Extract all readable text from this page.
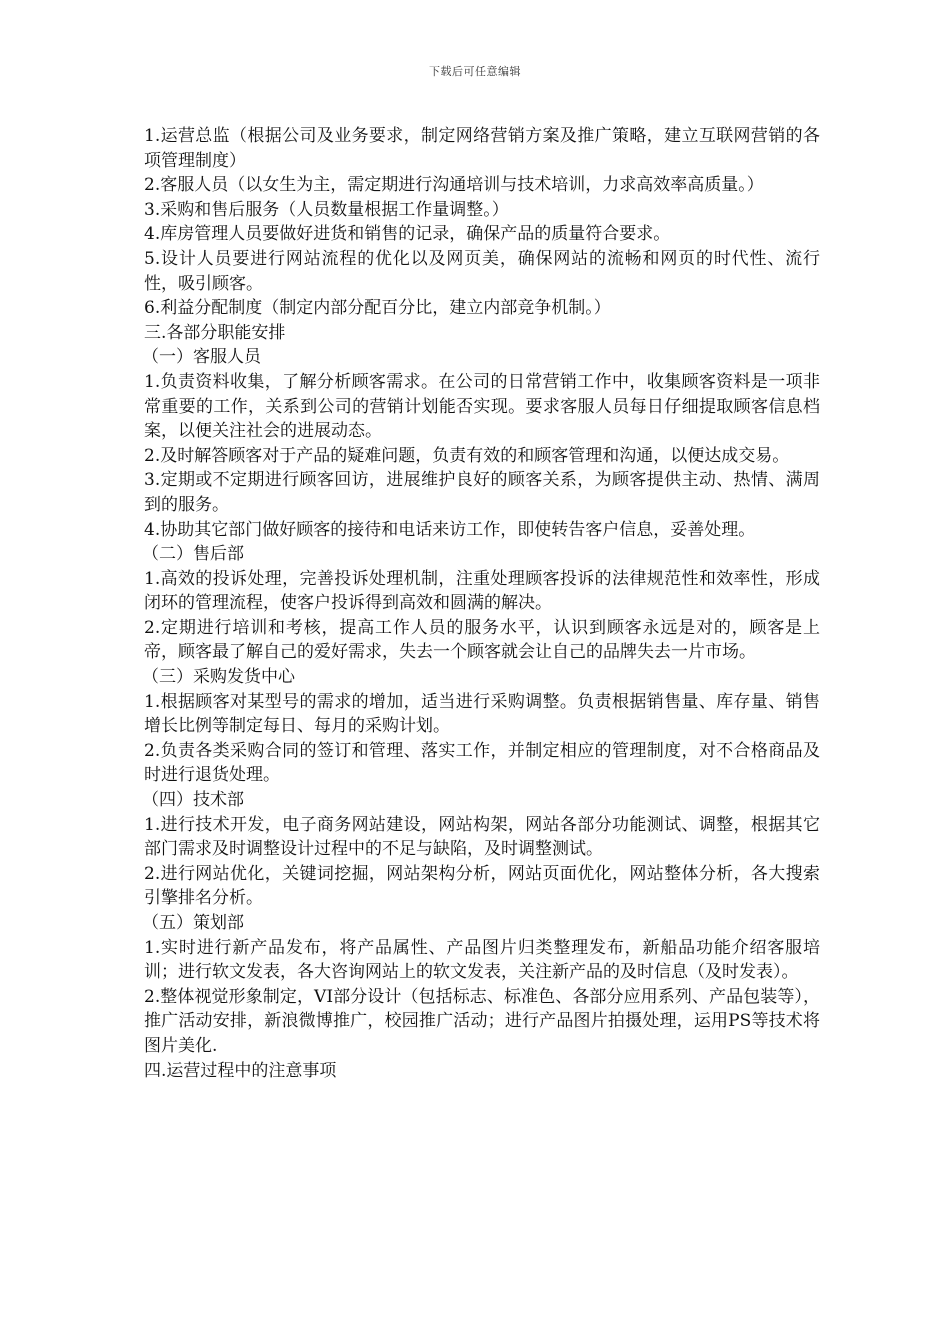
下载后可任意编辑

1.运营总监（根据公司及业务要求，制定网络营销方案及推广策略，建立互联网营销的各项管理制度）

2.客服人员（以女生为主，需定期进行沟通培训与技术培训，力求高效率高质量。）

3.采购和售后服务（人员数量根据工作量调整。）

4.库房管理人员要做好进货和销售的记录，确保产品的质量符合要求。

5.设计人员要进行网站流程的优化以及网页美，确保网站的流畅和网页的时代性、流行性，吸引顾客。

6.利益分配制度（制定内部分配百分比，建立内部竞争机制。）

三.各部分职能安排

（一）客服人员

1.负责资料收集，了解分析顾客需求。在公司的日常营销工作中，收集顾客资料是一项非常重要的工作，关系到公司的营销计划能否实现。要求客服人员每日仔细提取顾客信息档案，以便关注社会的进展动态。

2.及时解答顾客对于产品的疑难问题，负责有效的和顾客管理和沟通，以便达成交易。

3.定期或不定期进行顾客回访，进展维护良好的顾客关系，为顾客提供主动、热情、满周到的服务。

4.协助其它部门做好顾客的接待和电话来访工作，即使转告客户信息，妥善处理。

（二）售后部

1.高效的投诉处理，完善投诉处理机制，注重处理顾客投诉的法律规范性和效率性，形成闭环的管理流程，使客户投诉得到高效和圆满的解决。

2.定期进行培训和考核，提高工作人员的服务水平，认识到顾客永远是对的，顾客是上帝，顾客最了解自己的爱好需求，失去一个顾客就会让自己的品牌失去一片市场。

（三）采购发货中心

1.根据顾客对某型号的需求的增加，适当进行采购调整。负责根据销售量、库存量、销售增长比例等制定每日、每月的采购计划。

2.负责各类采购合同的签订和管理、落实工作，并制定相应的管理制度，对不合格商品及时进行退货处理。

（四）技术部

1.进行技术开发，电子商务网站建设，网站构架，网站各部分功能测试、调整，根据其它部门需求及时调整设计过程中的不足与缺陷，及时调整测试。

2.进行网站优化，关键词挖掘，网站架构分析，网站页面优化，网站整体分析，各大搜索引擎排名分析。

（五）策划部

1.实时进行新产品发布，将产品属性、产品图片归类整理发布，新船品功能介绍客服培训；进行软文发表，各大咨询网站上的软文发表，关注新产品的及时信息（及时发表）。

2.整体视觉形象制定，VI部分设计（包括标志、标准色、各部分应用系列、产品包装等），推广活动安排，新浪微博推广，校园推广活动；进行产品图片拍摄处理，运用PS等技术将图片美化.

四.运营过程中的注意事项
